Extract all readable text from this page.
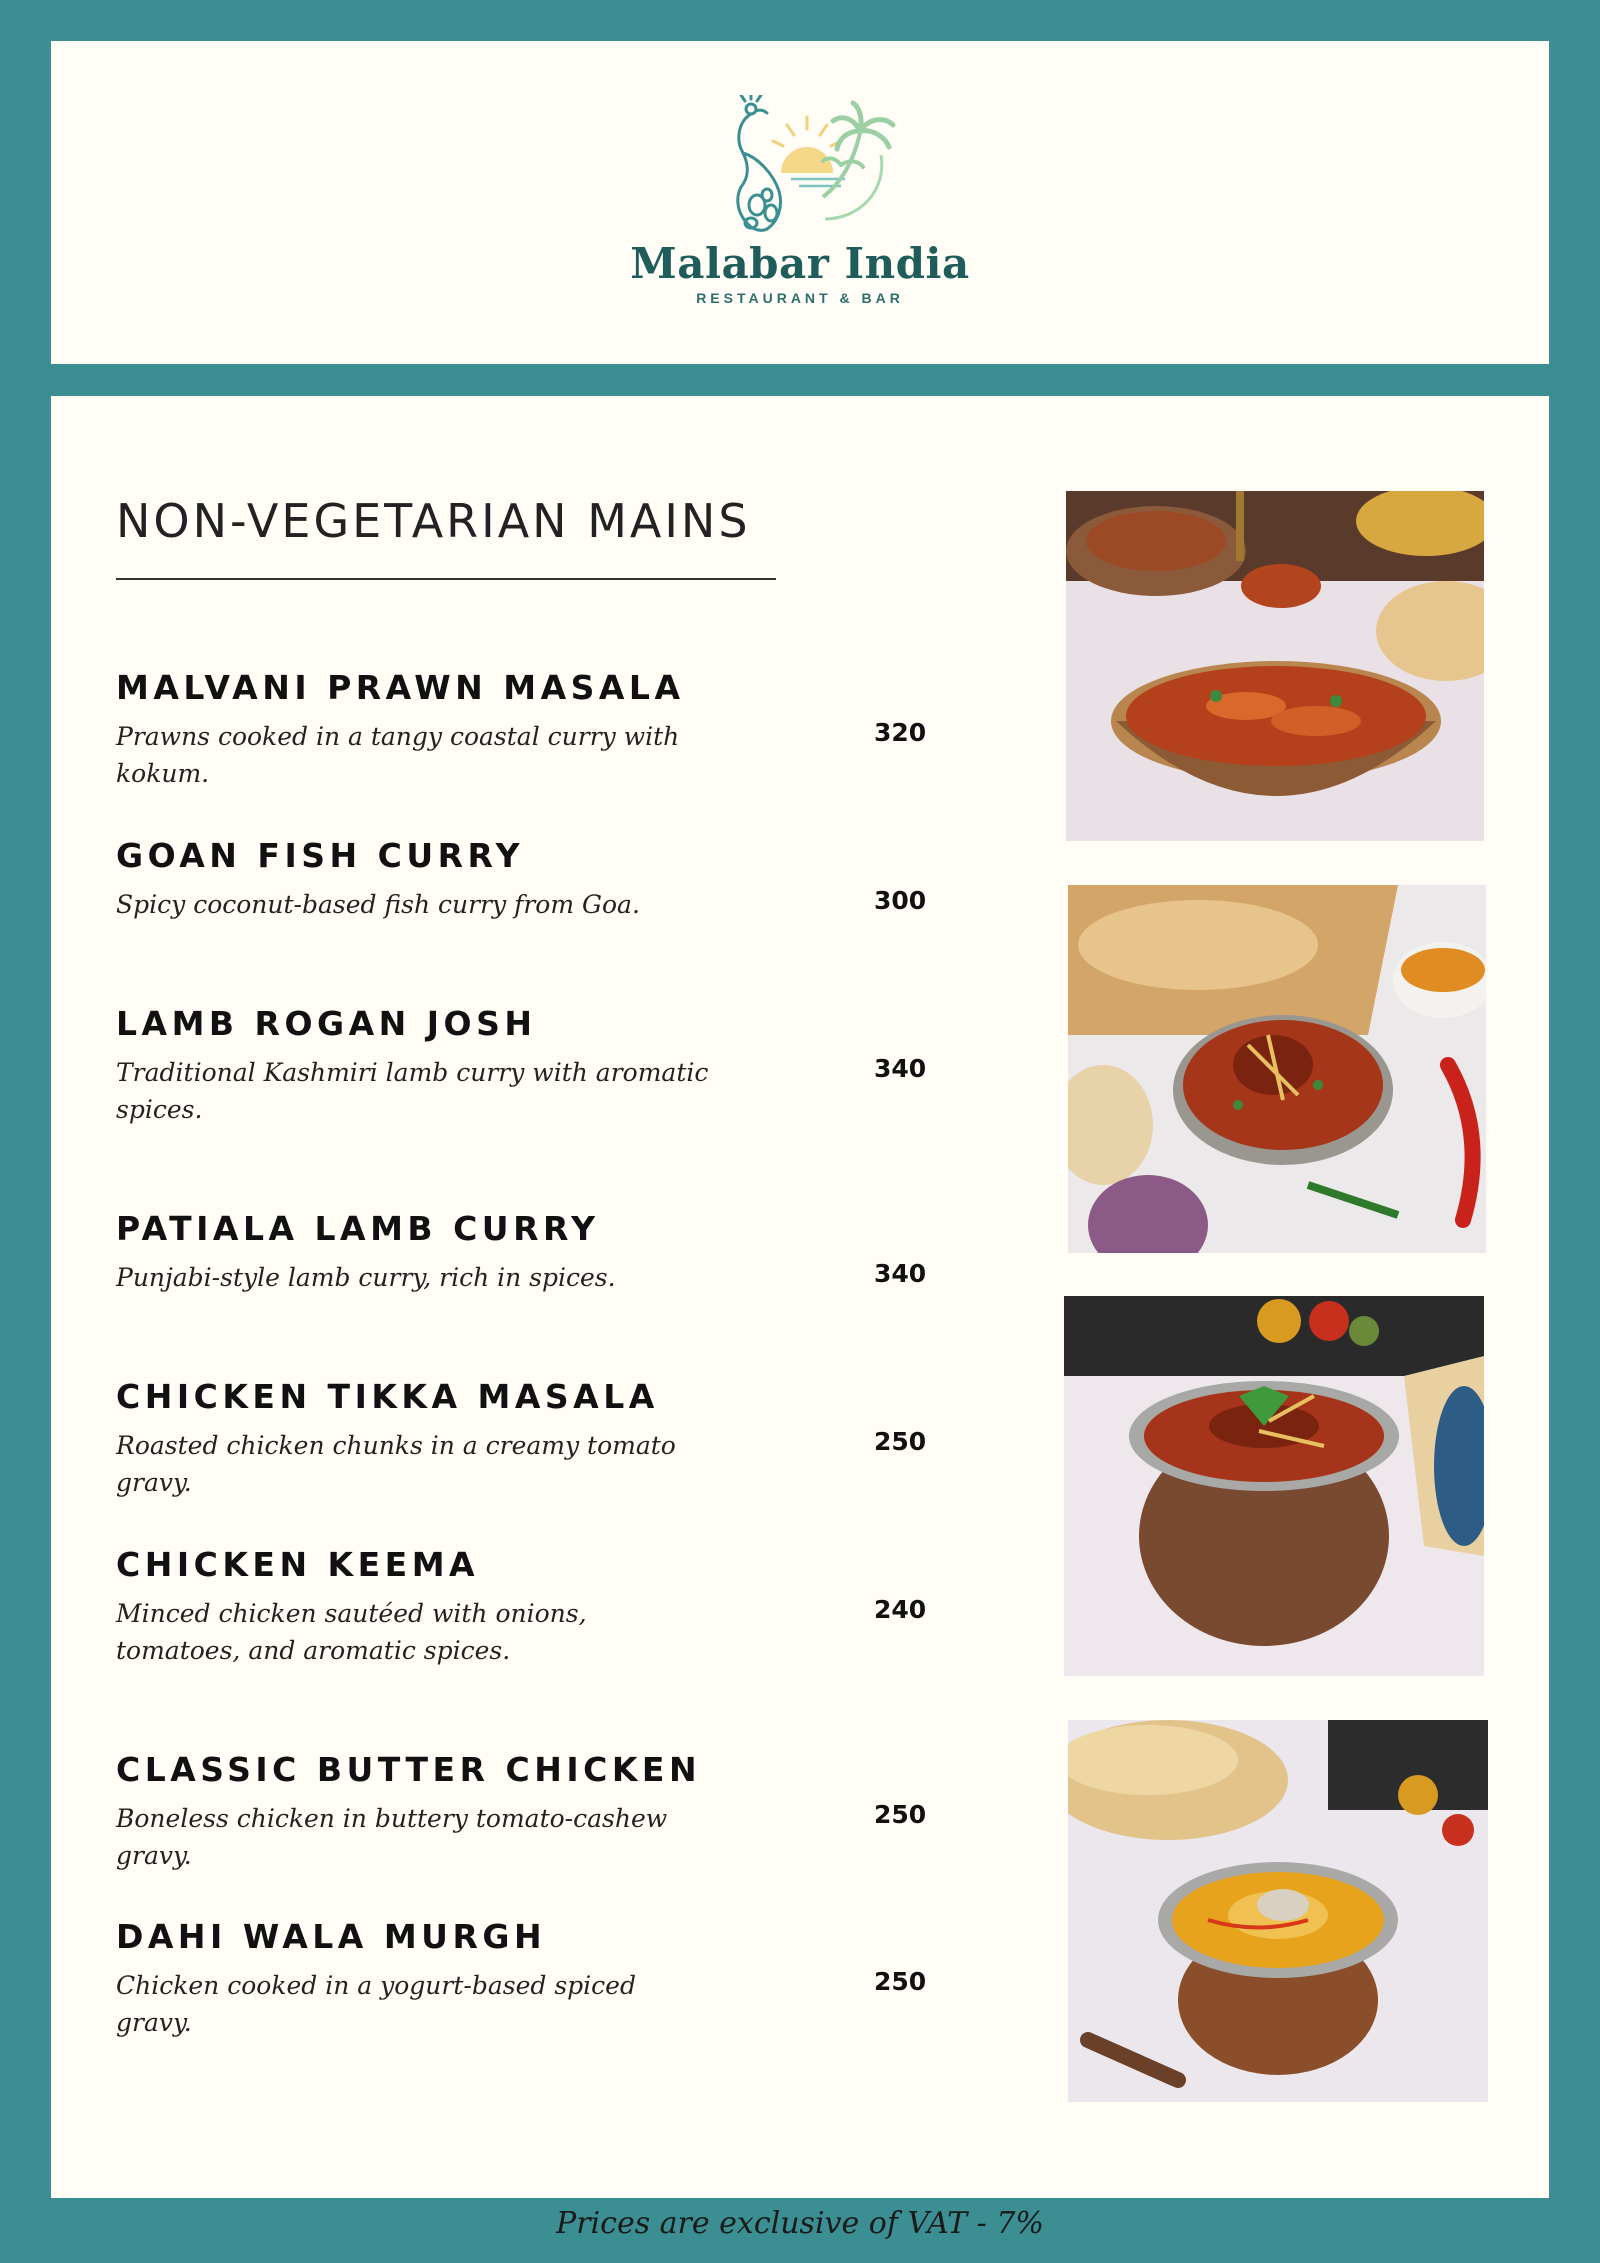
Malabar India
RESTAURANT & BAR
NON-VEGETARIAN MAINS
MALVANI PRAWN MASALA
Prawns cooked in a tangy coastal curry with kokum.
320
GOAN FISH CURRY
Spicy coconut-based fish curry from Goa.	300
LAMB ROGAN JOSH
Traditional Kashmiri lamb curry with aromatic spices.
340
PATIALA LAMB CURRY
Punjabi-style lamb curry, rich in spices.	340
CHICKEN TIKKA MASALA
Roasted chicken chunks in a creamy tomato gravy.
250
CHICKEN KEEMA
Minced chicken sautéed with onions, tomatoes, and aromatic spices.
240
CLASSIC BUTTER CHICKEN
Boneless chicken in buttery tomato-cashew gravy.
250
DAHI WALA MURGH
Chicken cooked in a yogurt-based spiced gravy.
250
Prices are exclusive of VAT - 7%
